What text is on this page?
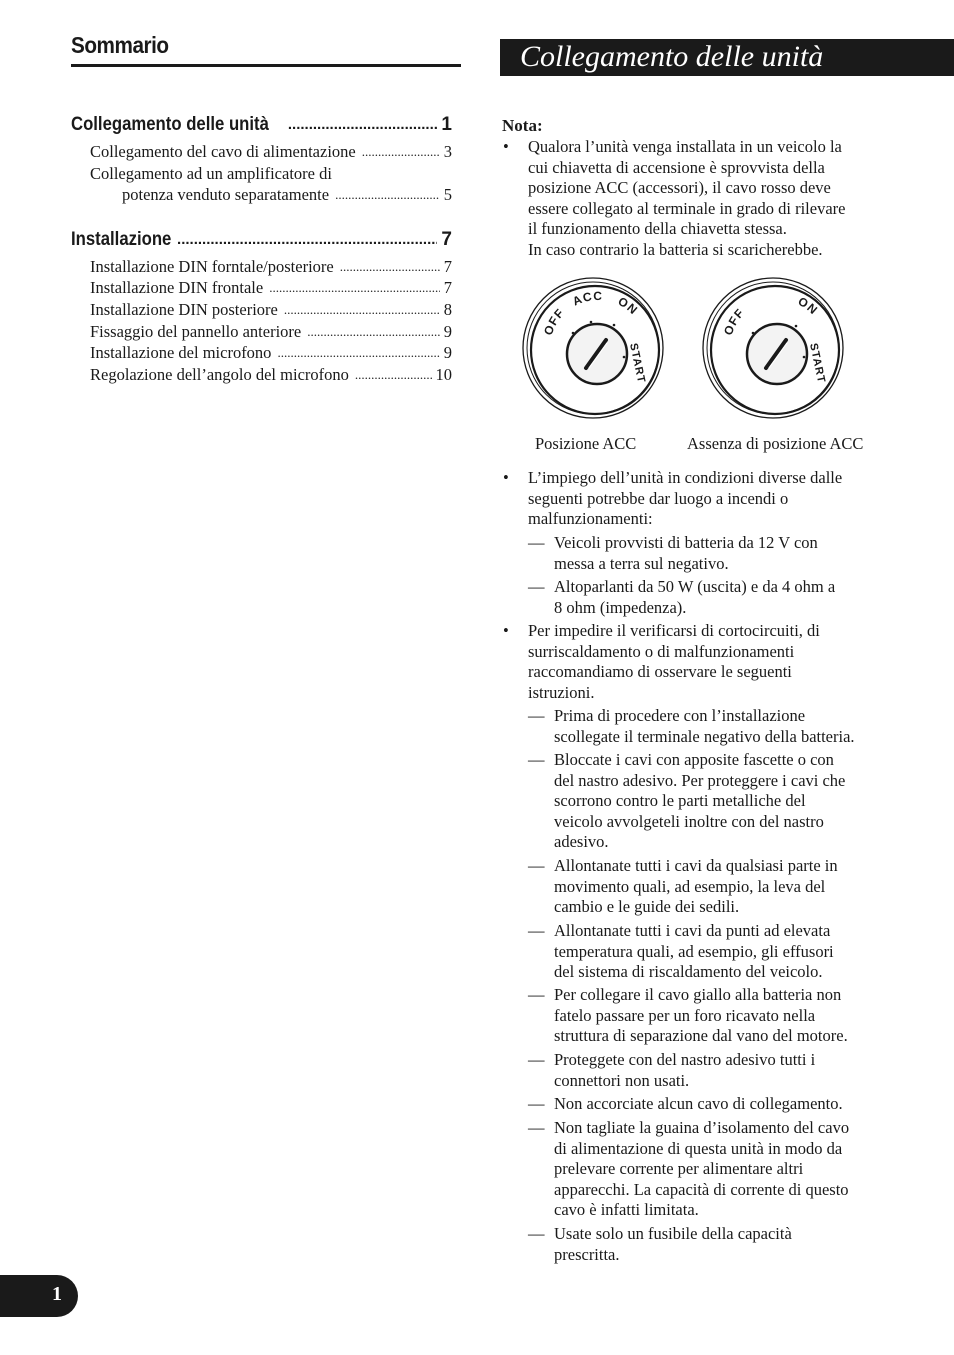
Sommario
Collegamento delle unità .....	1
Collegamento del cavo di alimentazione .....	3
Collegamento ad un amplificatore di
potenza venduto separatamente .....	5
Installazione .....	7
Installazione DIN forntale/posteriore .....	7
Installazione DIN frontale .....	7
Installazione DIN posteriore .....	8
Fissaggio del pannello anteriore .....	9
Installazione del microfono .....	9
Regolazione dell’angolo del microfono .....	10
Collegamento delle unità
Nota:
• Qualora l’unità venga installata in un veicolo la
cui chiavetta di accensione è sprovvista della
posizione ACC (accessori), il cavo rosso deve
essere collegato al terminale in grado di rilevare
il funzionamento della chiavetta stessa.
In caso contrario la batteria si scaricherebbe.
OFF
ACC ON
START
OFF
ON
START
Posizione ACC	Assenza di posizione ACC
• L’impiego dell’unità in condizioni diverse dalle
seguenti potrebbe dar luogo a incendi o
malfunzionamenti:
— Veicoli provvisti di batteria da 12 V con
messa a terra sul negativo.
— Altoparlanti da 50 W (uscita) e da 4 ohm a
8 ohm (impedenza).
• Per impedire il verificarsi di cortocircuiti, di
surriscaldamento o di malfunzionamenti
raccomandiamo di osservare le seguenti
istruzioni.
— Prima di procedere con l’installazione
scollegate il terminale negativo della batteria.
— Bloccate i cavi con apposite fascette o con
del nastro adesivo. Per proteggere i cavi che
scorrono contro le parti metalliche del
veicolo avvolgeteli inoltre con del nastro
adesivo.
— Allontanate tutti i cavi da qualsiasi parte in
movimento quali, ad esempio, la leva del
cambio e le guide dei sedili.
— Allontanate tutti i cavi da punti ad elevata
temperatura quali, ad esempio, gli effusori
del sistema di riscaldamento del veicolo.
— Per collegare il cavo giallo alla batteria non
fatelo passare per un foro ricavato nella
struttura di separazione dal vano del motore.
— Proteggete con del nastro adesivo tutti i
connettori non usati.
— Non accorciate alcun cavo di collegamento.
— Non tagliate la guaina d’isolamento del cavo
di alimentazione di questa unità in modo da
prelevare corrente per alimentare altri
apparecchi. La capacità di corrente di questo
cavo è infatti limitata.
— Usate solo un fusibile della capacità
prescritta.
1
